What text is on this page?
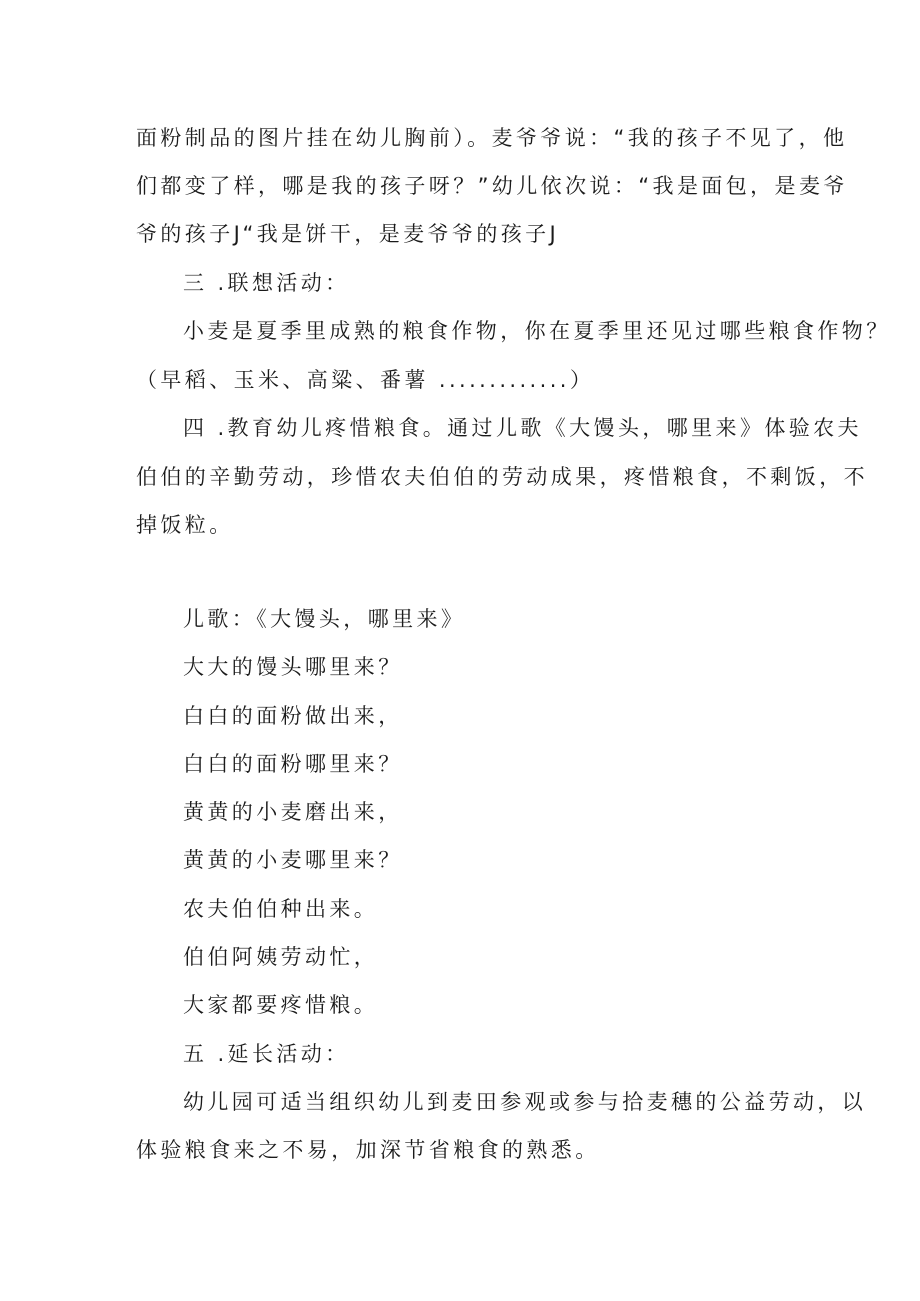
面粉制品的图片挂在幼儿胸前）。麦爷爷说：“我的孩子不见了，他
们都变了样，哪是我的孩子呀？”幼儿依次说：“我是面包，是麦爷
爷的孩子J“我是饼干，是麦爷爷的孩子J
三 .联想活动：
小麦是夏季里成熟的粮食作物，你在夏季里还见过哪些粮食作物？
（早稻、玉米、高粱、番薯 .............）
四 .教育幼儿疼惜粮食。通过儿歌《大馒头，哪里来》体验农夫
伯伯的辛勤劳动，珍惜农夫伯伯的劳动成果，疼惜粮食，不剩饭，不
掉饭粒。
儿歌：《大馒头，哪里来》
大大的馒头哪里来？
白白的面粉做出来，
白白的面粉哪里来？
黄黄的小麦磨出来，
黄黄的小麦哪里来？
农夫伯伯种出来。
伯伯阿姨劳动忙，
大家都要疼惜粮。
五 .延长活动：
幼儿园可适当组织幼儿到麦田参观或参与拾麦穗的公益劳动，以
体验粮食来之不易，加深节省粮食的熟悉。
